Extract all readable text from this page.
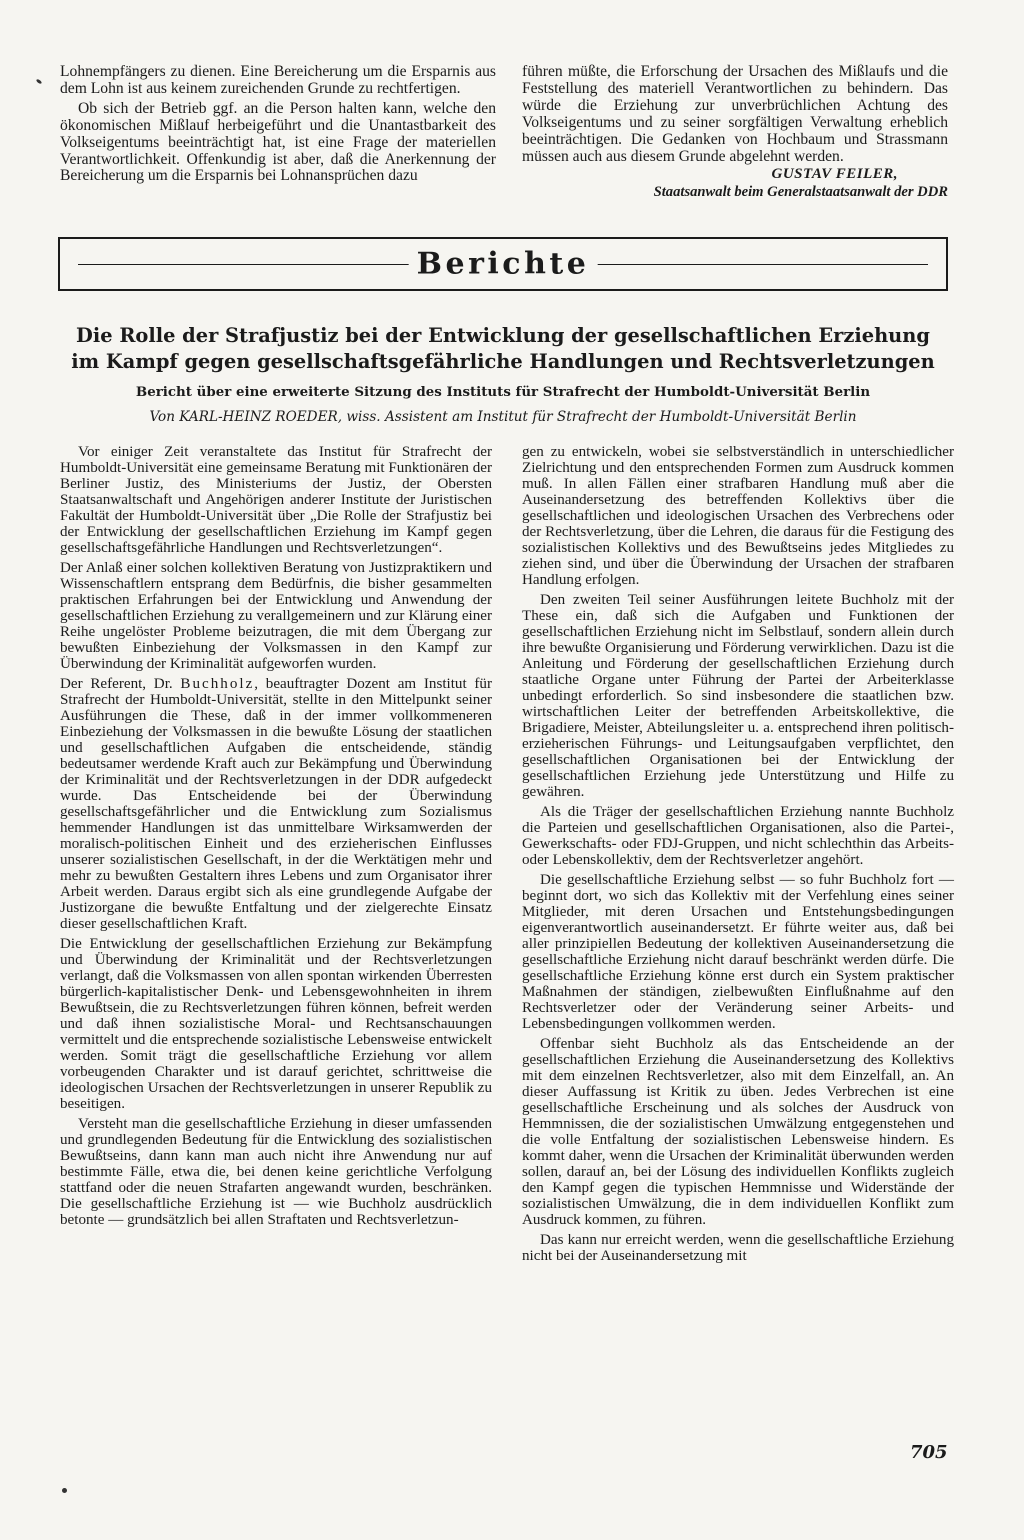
Lohnempfängers zu dienen. Eine Bereicherung um die Ersparnis aus dem Lohn ist aus keinem zureichenden Grunde zu rechtfertigen.

Ob sich der Betrieb ggf. an die Person halten kann, welche den ökonomischen Mißlauf herbeigeführt und die Unantastbarkeit des Volkseigentums beeinträchtigt hat, ist eine Frage der materiellen Verantwortlichkeit. Offenkundig ist aber, daß die Anerkennung der Bereicherung um die Ersparnis bei Lohnansprüchen dazu

führen müßte, die Erforschung der Ursachen des Mißlaufs und die Feststellung des materiell Verantwortlichen zu behindern. Das würde die Erziehung zur unverbrüchlichen Achtung des Volkseigentums und zu seiner sorgfältigen Verwaltung erheblich beeinträchtigen. Die Gedanken von Hochbaum und Strassmann müssen auch aus diesem Grunde abgelehnt werden.

GUSTAV FEILER,
Staatsanwalt beim Generalstaatsanwalt der DDR
Berichte
Die Rolle der Strafjustiz bei der Entwicklung der gesellschaftlichen Erziehung
im Kampf gegen gesellschaftsgefährliche Handlungen und Rechtsverletzungen
Bericht über eine erweiterte Sitzung des Instituts für Strafrecht der Humboldt-Universität Berlin
Von KARL-HEINZ ROEDER, wiss. Assistent am Institut für Strafrecht der Humboldt-Universität Berlin

Vor einiger Zeit veranstaltete das Institut für Strafrecht der Humboldt-Universität eine gemeinsame Beratung mit Funktionären der Berliner Justiz, des Ministeriums der Justiz, der Obersten Staatsanwaltschaft und Angehörigen anderer Institute der Juristischen Fakultät der Humboldt-Universität über „Die Rolle der Strafjustiz bei der Entwicklung der gesellschaftlichen Erziehung im Kampf gegen gesellschaftsgefährliche Handlungen und Rechtsverletzungen“.

Der Anlaß einer solchen kollektiven Beratung von Justizpraktikern und Wissenschaftlern entsprang dem Bedürfnis, die bisher gesammelten praktischen Erfahrungen bei der Entwicklung und Anwendung der gesellschaftlichen Erziehung zu verallgemeinern und zur Klärung einer Reihe ungelöster Probleme beizutragen, die mit dem Übergang zur bewußten Einbeziehung der Volksmassen in den Kampf zur Überwindung der Kriminalität aufgeworfen wurden.

Der Referent, Dr. Buchholz, beauftragter Dozent am Institut für Strafrecht der Humboldt-Universität, stellte in den Mittelpunkt seiner Ausführungen die These, daß in der immer vollkommeneren Einbeziehung der Volksmassen in die bewußte Lösung der staatlichen und gesellschaftlichen Aufgaben die entscheidende, ständig bedeutsamer werdende Kraft auch zur Bekämpfung und Überwindung der Kriminalität und der Rechtsverletzungen in der DDR aufgedeckt wurde. Das Entscheidende bei der Überwindung gesellschaftsgefährlicher und die Entwicklung zum Sozialismus hemmender Handlungen ist das unmittelbare Wirksamwerden der moralisch-politischen Einheit und des erzieherischen Einflusses unserer sozialistischen Gesellschaft, in der die Werktätigen mehr und mehr zu bewußten Gestaltern ihres Lebens und zum Organisator ihrer Arbeit werden. Daraus ergibt sich als eine grundlegende Aufgabe der Justizorgane die bewußte Entfaltung und der zielgerechte Einsatz dieser gesellschaftlichen Kraft.

Die Entwicklung der gesellschaftlichen Erziehung zur Bekämpfung und Überwindung der Kriminalität und der Rechtsverletzungen verlangt, daß die Volksmassen von allen spontan wirkenden Überresten bürgerlich-kapitalistischer Denk- und Lebensgewohnheiten in ihrem Bewußtsein, die zu Rechtsverletzungen führen können, befreit werden und daß ihnen sozialistische Moral- und Rechtsanschauungen vermittelt und die entsprechende sozialistische Lebensweise entwickelt werden. Somit trägt die gesellschaftliche Erziehung vor allem vorbeugenden Charakter und ist darauf gerichtet, schrittweise die ideologischen Ursachen der Rechtsverletzungen in unserer Republik zu beseitigen.

Versteht man die gesellschaftliche Erziehung in dieser umfassenden und grundlegenden Bedeutung für die Entwicklung des sozialistischen Bewußtseins, dann kann man auch nicht ihre Anwendung nur auf bestimmte Fälle, etwa die, bei denen keine gerichtliche Verfolgung stattfand oder die neuen Strafarten angewandt wurden, beschränken. Die gesellschaftliche Erziehung ist — wie Buchholz ausdrücklich betonte — grundsätzlich bei allen Straftaten und Rechtsverletzun-

gen zu entwickeln, wobei sie selbstverständlich in unterschiedlicher Zielrichtung und den entsprechenden Formen zum Ausdruck kommen muß. In allen Fällen einer strafbaren Handlung muß aber die Auseinandersetzung des betreffenden Kollektivs über die gesellschaftlichen und ideologischen Ursachen des Verbrechens oder der Rechtsverletzung, über die Lehren, die daraus für die Festigung des sozialistischen Kollektivs und des Bewußtseins jedes Mitgliedes zu ziehen sind, und über die Überwindung der Ursachen der strafbaren Handlung erfolgen.

Den zweiten Teil seiner Ausführungen leitete Buchholz mit der These ein, daß sich die Aufgaben und Funktionen der gesellschaftlichen Erziehung nicht im Selbstlauf, sondern allein durch ihre bewußte Organisierung und Förderung verwirklichen. Dazu ist die Anleitung und Förderung der gesellschaftlichen Erziehung durch staatliche Organe unter Führung der Partei der Arbeiterklasse unbedingt erforderlich. So sind insbesondere die staatlichen bzw. wirtschaftlichen Leiter der betreffenden Arbeitskollektive, die Brigadiere, Meister, Abteilungsleiter u. a. entsprechend ihren politisch-erzieherischen Führungs- und Leitungsaufgaben verpflichtet, den gesellschaftlichen Organisationen bei der Entwicklung der gesellschaftlichen Erziehung jede Unterstützung und Hilfe zu gewähren.

Als die Träger der gesellschaftlichen Erziehung nannte Buchholz die Parteien und gesellschaftlichen Organisationen, also die Partei-, Gewerkschafts- oder FDJ-Gruppen, und nicht schlechthin das Arbeits- oder Lebenskollektiv, dem der Rechtsverletzer angehört.

Die gesellschaftliche Erziehung selbst — so fuhr Buchholz fort — beginnt dort, wo sich das Kollektiv mit der Verfehlung eines seiner Mitglieder, mit deren Ursachen und Entstehungsbedingungen eigenverantwortlich auseinandersetzt. Er führte weiter aus, daß bei aller prinzipiellen Bedeutung der kollektiven Auseinandersetzung die gesellschaftliche Erziehung nicht darauf beschränkt werden dürfe. Die gesellschaftliche Erziehung könne erst durch ein System praktischer Maßnahmen der ständigen, zielbewußten Einflußnahme auf den Rechtsverletzer oder der Veränderung seiner Arbeits- und Lebensbedingungen vollkommen werden.

Offenbar sieht Buchholz als das Entscheidende an der gesellschaftlichen Erziehung die Auseinandersetzung des Kollektivs mit dem einzelnen Rechtsverletzer, also mit dem Einzelfall, an. An dieser Auffassung ist Kritik zu üben. Jedes Verbrechen ist eine gesellschaftliche Erscheinung und als solches der Ausdruck von Hemmnissen, die der sozialistischen Umwälzung entgegenstehen und die volle Entfaltung der sozialistischen Lebensweise hindern. Es kommt daher, wenn die Ursachen der Kriminalität überwunden werden sollen, darauf an, bei der Lösung des individuellen Konflikts zugleich den Kampf gegen die typischen Hemmnisse und Widerstände der sozialistischen Umwälzung, die in dem individuellen Konflikt zum Ausdruck kommen, zu führen.

Das kann nur erreicht werden, wenn die gesellschaftliche Erziehung nicht bei der Auseinandersetzung mit

705
